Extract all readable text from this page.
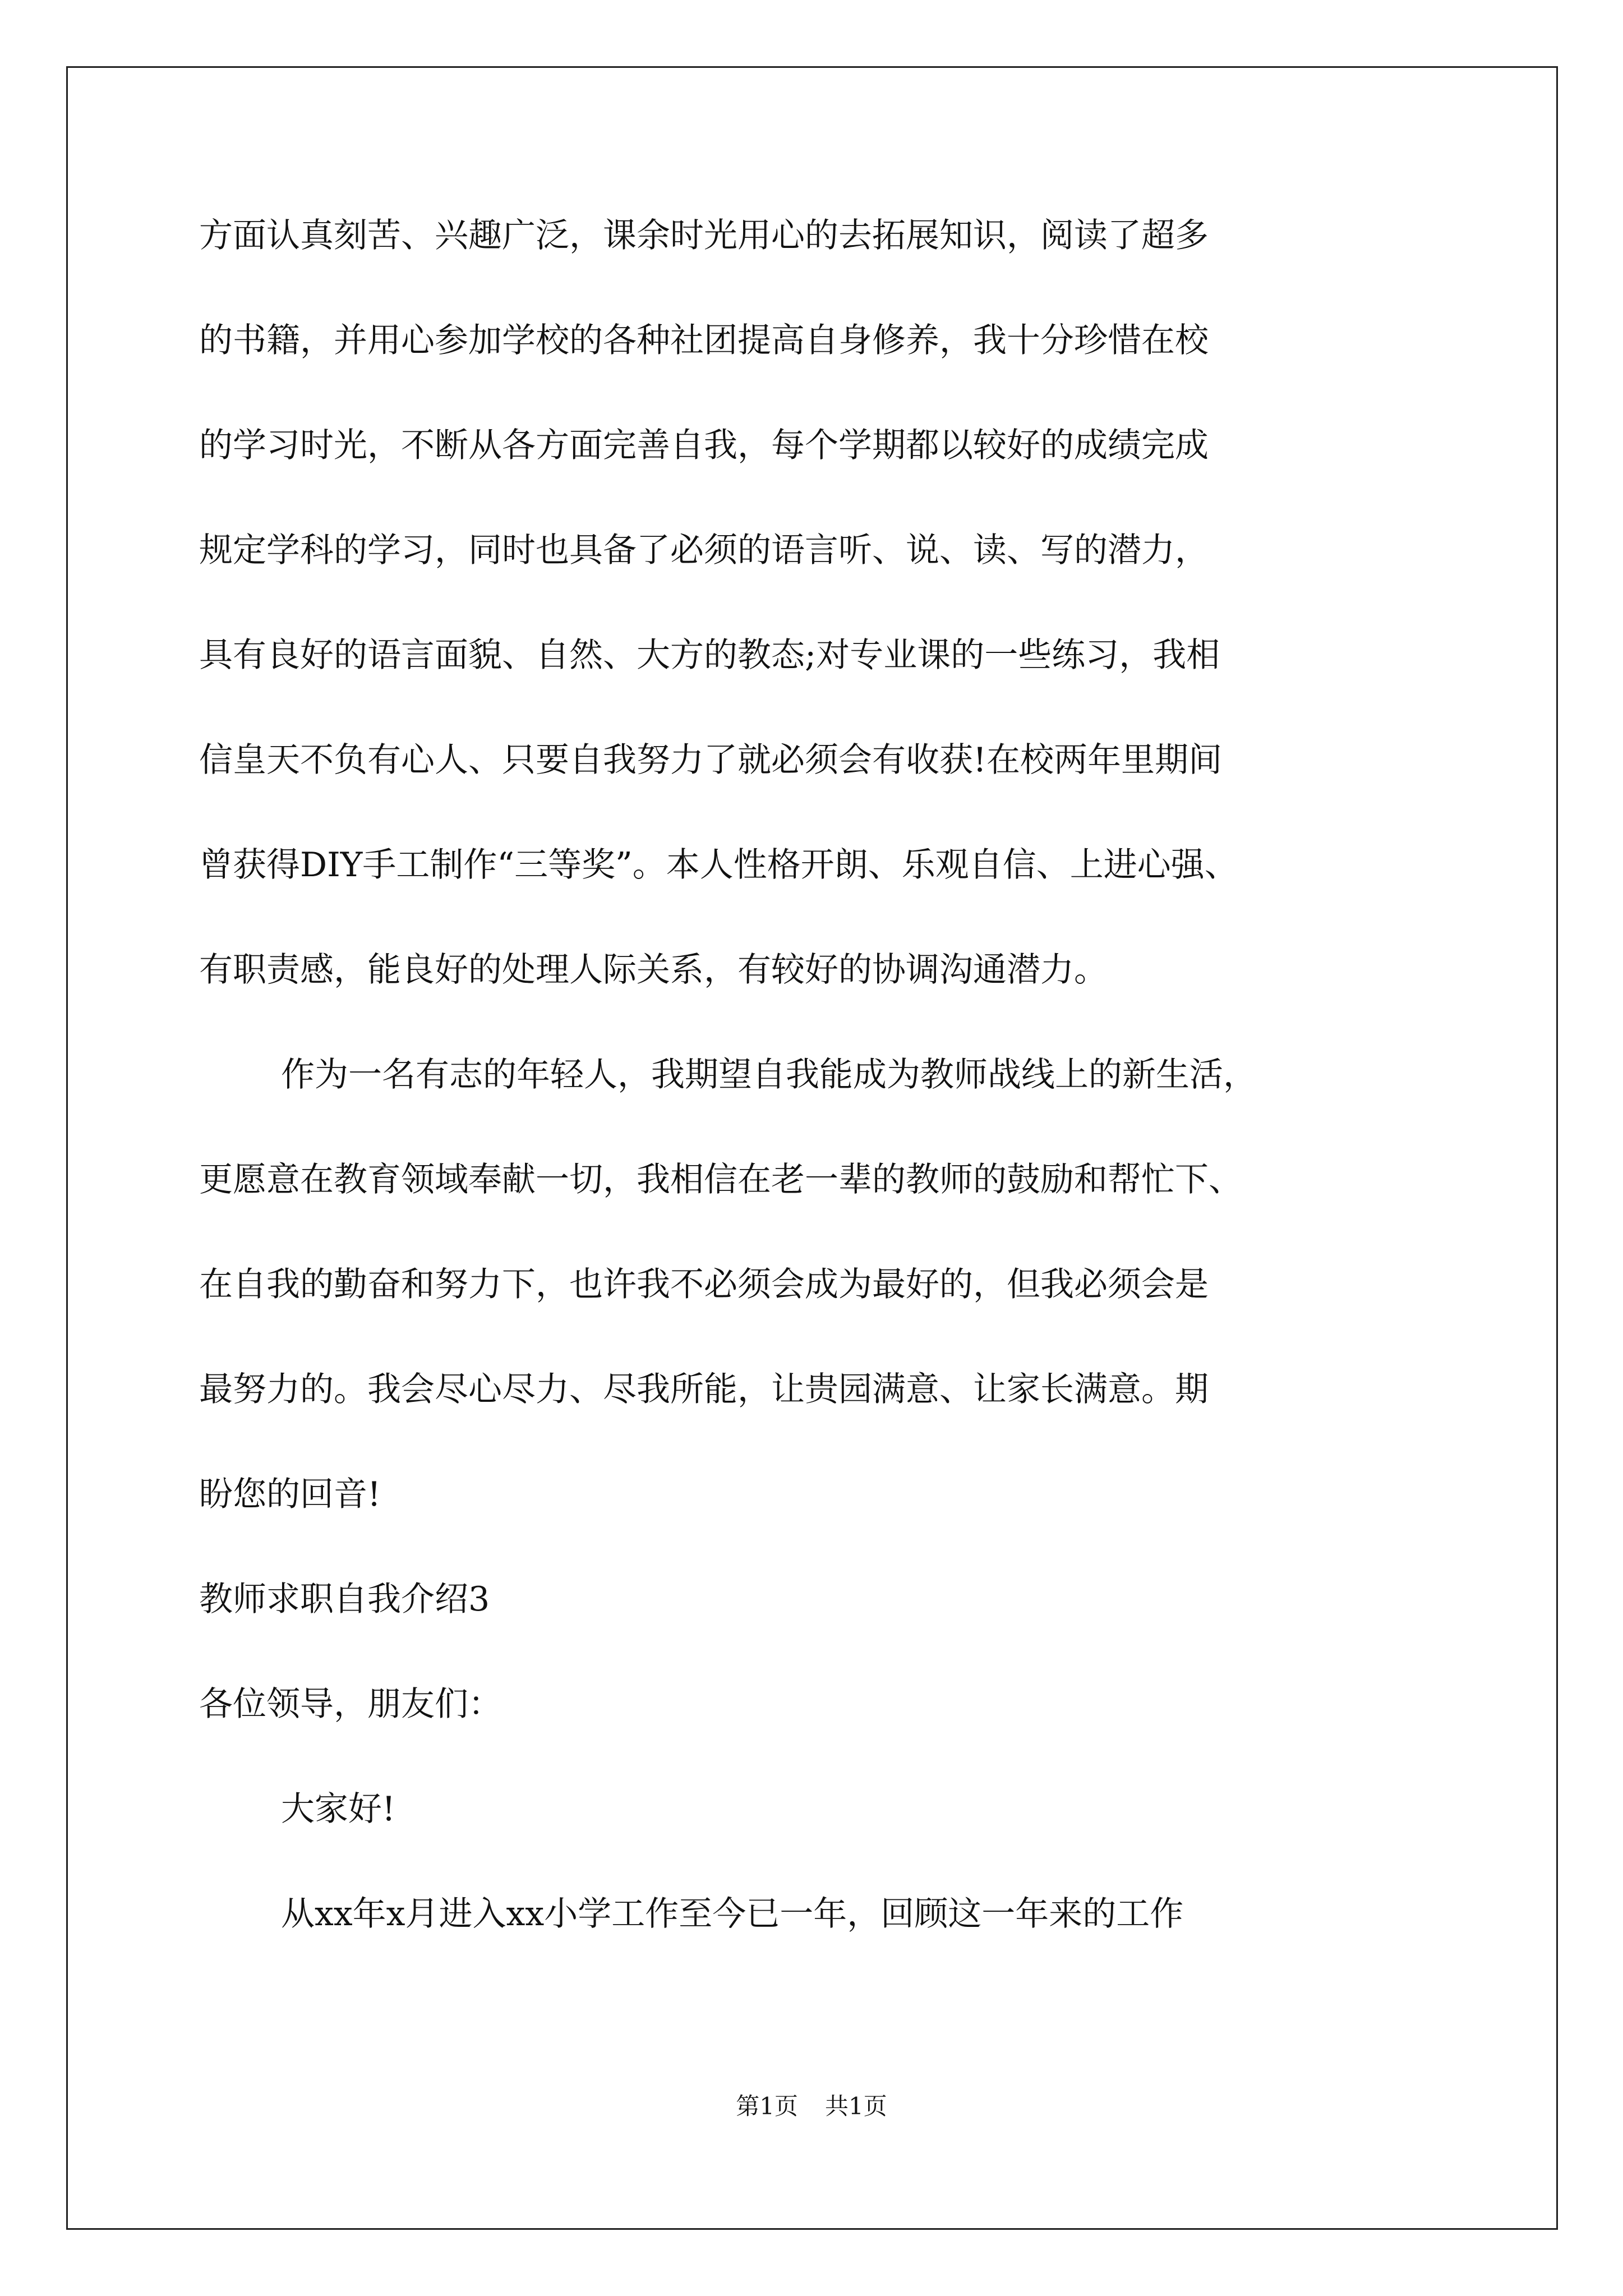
方面认真刻苦、兴趣广泛，课余时光用心的去拓展知识，阅读了超多
的书籍，并用心参加学校的各种社团提高自身修养，我十分珍惜在校
的学习时光，不断从各方面完善自我，每个学期都以较好的成绩完成
规定学科的学习，同时也具备了必须的语言听、说、读、写的潜力，
具有良好的语言面貌、自然、大方的教态;对专业课的一些练习，我相
信皇天不负有心人、只要自我努力了就必须会有收获!在校两年里期间
曾获得DIY手工制作“三等奖”。本人性格开朗、乐观自信、上进心强、
有职责感，能良好的处理人际关系，有较好的协调沟通潜力。
作为一名有志的年轻人，我期望自我能成为教师战线上的新生活，
更愿意在教育领域奉献一切，我相信在老一辈的教师的鼓励和帮忙下、
在自我的勤奋和努力下，也许我不必须会成为最好的，但我必须会是
最努力的。我会尽心尽力、尽我所能，让贵园满意、让家长满意。期
盼您的回音!
教师求职自我介绍3
各位领导，朋友们：
大家好!
从xx年x月进入xx小学工作至今已一年，回顾这一年来的工作
第1页 共1页
